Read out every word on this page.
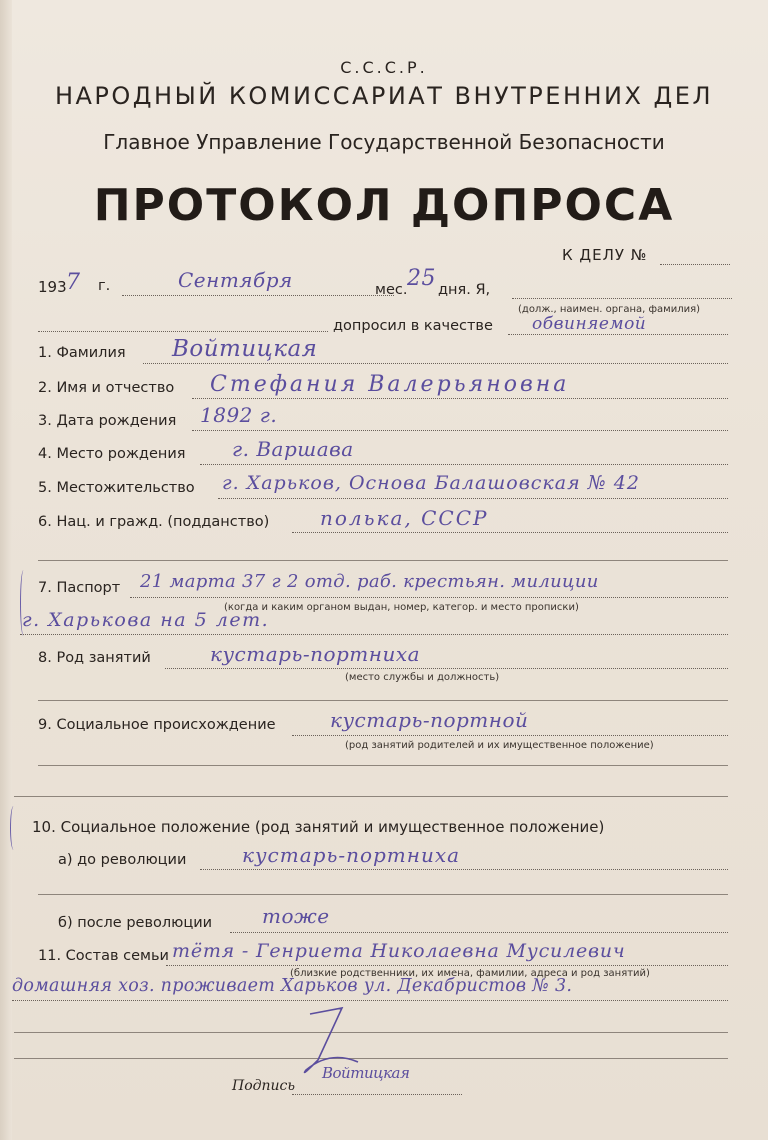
С.С.С.Р.
НАРОДНЫЙ КОМИССАРИАТ ВНУТРЕННИХ ДЕЛ
Главное Управление Государственной Безопасности
ПРОТОКОЛ ДОПРОСА
К ДЕЛУ №
193 7 г.	Сентября	мес. 25 дня. Я,
(долж., наимен. органа, фамилия)
допросил в качестве обвиняемой
1. Фамилия Войтицкая
2. Имя и отчество Стефания Валерьяновна
3. Дата рождения 1892 г.
4. Место рождения г. Варшава
5. Местожительство г. Харьков, Основа Балашовская № 42
6. Нац. и гражд. (подданство)	полька, СССР
7. Паспорт 21 марта 37 г 2 отд. раб. крестьян. милиции
(когда и каким органом выдан, номер, категор. и место прописки)
г. Харькова на 5 лет.
8. Род занятий	кустарь-портниха
(место службы и должность)
9. Социальное происхождение	кустарь-портной
(род занятий родителей и их имущественное положение)
10. Социальное положение (род занятий и имущественное положение)
а) до революции	кустарь-портниха
б) после революции тоже
11. Состав семьи тётя - Генриета Николаевна Мусилевич
(близкие родственники, их имена, фамилии, адреса и род занятий)
домашняя хоз. проживает Харьков ул. Декабристов № 3.
Подпись
Войтицкая
